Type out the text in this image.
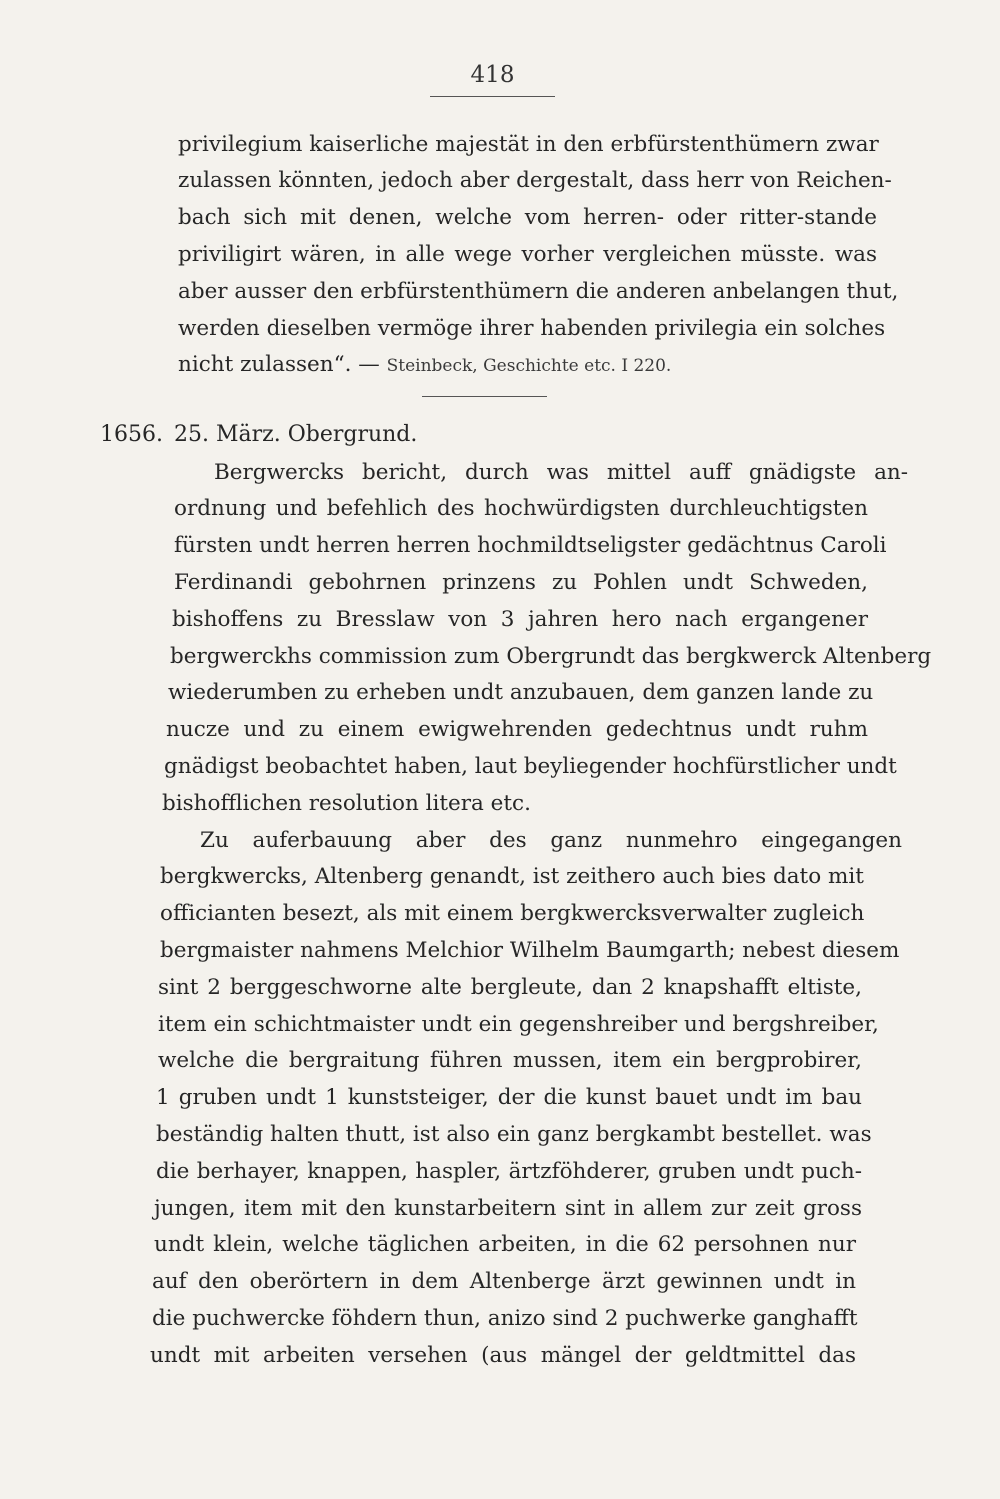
418
privilegium kaiserliche majestät in den erbfürstenthümern zwar
zulassen könnten, jedoch aber dergestalt, dass herr von Reichen-
bach sich mit denen, welche vom herren- oder ritter-stande
priviligirt wären, in alle wege vorher vergleichen müsste. was
aber ausser den erbfürstenthümern die anderen anbelangen thut,
werden dieselben vermöge ihrer habenden privilegia ein solches
nicht zulassen“. — Steinbeck, Geschichte etc. I 220.
1656. 25. März. Obergrund.
Bergwercks bericht, durch was mittel auff gnädigste an-
ordnung und befehlich des hochwürdigsten durchleuchtigsten
fürsten undt herren herren hochmildtseligster gedächtnus Caroli
Ferdinandi gebohrnen prinzens zu Pohlen undt Schweden,
bishoffens zu Bresslaw von 3 jahren hero nach ergangener
bergwerckhs commission zum Obergrundt das bergkwerck Altenberg
wiederumben zu erheben undt anzubauen, dem ganzen lande zu
nucze und zu einem ewigwehrenden gedechtnus undt ruhm
gnädigst beobachtet haben, laut beyliegender hochfürstlicher undt
bishofflichen resolution litera etc.
Zu auferbauung aber des ganz nunmehro eingegangen
bergkwercks, Altenberg genandt, ist zeithero auch bies dato mit
officianten besezt, als mit einem bergkwercksverwalter zugleich
bergmaister nahmens Melchior Wilhelm Baumgarth; nebest diesem
sint 2 berggeschworne alte bergleute, dan 2 knapshafft eltiste,
item ein schichtmaister undt ein gegenshreiber und bergshreiber,
welche die bergraitung führen mussen, item ein bergprobirer,
1 gruben undt 1 kunststeiger, der die kunst bauet undt im bau
beständig halten thutt, ist also ein ganz bergkambt bestellet. was
die berhayer, knappen, haspler, ärtzföhderer, gruben undt puch-
jungen, item mit den kunstarbeitern sint in allem zur zeit gross
undt klein, welche täglichen arbeiten, in die 62 persohnen nur
auf den oberörtern in dem Altenberge ärzt gewinnen undt in
die puchwercke föhdern thun, anizo sind 2 puchwerke ganghafft
undt mit arbeiten versehen (aus mängel der geldtmittel das
